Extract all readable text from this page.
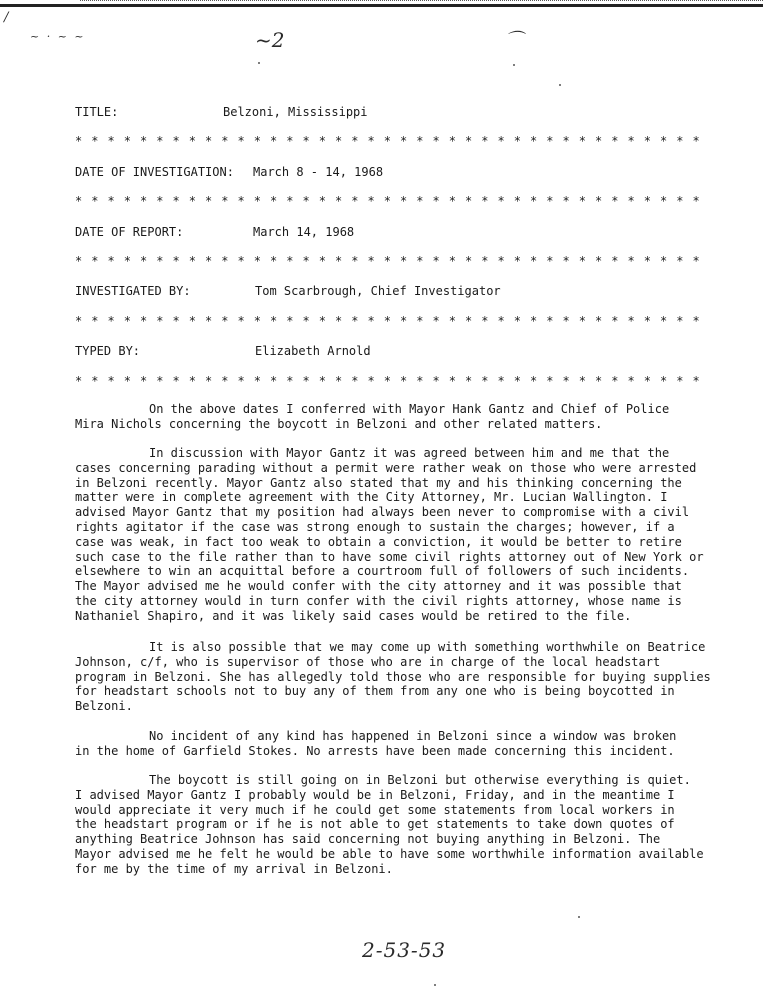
/
~ · ~ ~	~2	⌒
TITLE:	Belzoni, Mississippi
* * * * * * * * * * * * * * * * * * * * * * * * * * * * * * * * * * * * * * *
DATE OF INVESTIGATION: March 8 - 14, 1968
* * * * * * * * * * * * * * * * * * * * * * * * * * * * * * * * * * * * * * *
DATE OF REPORT:	March 14, 1968
* * * * * * * * * * * * * * * * * * * * * * * * * * * * * * * * * * * * * * *
INVESTIGATED BY:	Tom Scarbrough, Chief Investigator
* * * * * * * * * * * * * * * * * * * * * * * * * * * * * * * * * * * * * * *
TYPED BY:	Elizabeth Arnold
* * * * * * * * * * * * * * * * * * * * * * * * * * * * * * * * * * * * * * *
On the above dates I conferred with Mayor Hank Gantz and Chief of Police
Mira Nichols concerning the boycott in Belzoni and other related matters.
In discussion with Mayor Gantz it was agreed between him and me that the
cases concerning parading without a permit were rather weak on those who were arrested
in Belzoni recently. Mayor Gantz also stated that my and his thinking concerning the
matter were in complete agreement with the City Attorney, Mr. Lucian Wallington. I
advised Mayor Gantz that my position had always been never to compromise with a civil
rights agitator if the case was strong enough to sustain the charges; however, if a
case was weak, in fact too weak to obtain a conviction, it would be better to retire
such case to the file rather than to have some civil rights attorney out of New York or
elsewhere to win an acquittal before a courtroom full of followers of such incidents.
The Mayor advised me he would confer with the city attorney and it was possible that
the city attorney would in turn confer with the civil rights attorney, whose name is
Nathaniel Shapiro, and it was likely said cases would be retired to the file.
It is also possible that we may come up with something worthwhile on Beatrice
Johnson, c/f, who is supervisor of those who are in charge of the local headstart
program in Belzoni. She has allegedly told those who are responsible for buying supplies
for headstart schools not to buy any of them from any one who is being boycotted in
Belzoni.
No incident of any kind has happened in Belzoni since a window was broken
in the home of Garfield Stokes. No arrests have been made concerning this incident.
The boycott is still going on in Belzoni but otherwise everything is quiet.
I advised Mayor Gantz I probably would be in Belzoni, Friday, and in the meantime I
would appreciate it very much if he could get some statements from local workers in
the headstart program or if he is not able to get statements to take down quotes of
anything Beatrice Johnson has said concerning not buying anything in Belzoni. The
Mayor advised me he felt he would be able to have some worthwhile information available
for me by the time of my arrival in Belzoni.
2-53-53
